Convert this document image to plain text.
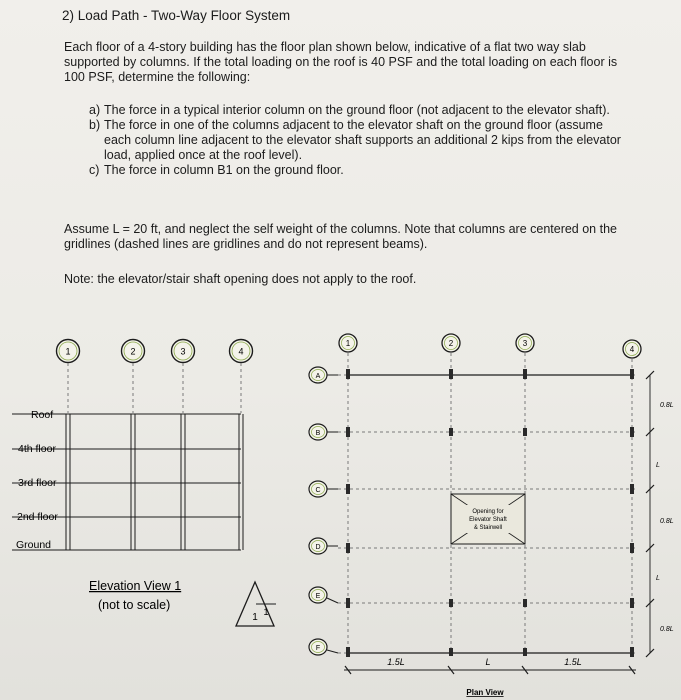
2) Load Path - Two-Way Floor System
Each floor of a 4-story building has the floor plan shown below, indicative of a flat two way slab supported by columns. If the total loading on the roof is 40 PSF and the total loading on each floor is 100 PSF, determine the following:
a) The force in a typical interior column on the ground floor (not adjacent to the elevator shaft).
b) The force in one of the columns adjacent to the elevator shaft on the ground floor (assume each column line adjacent to the elevator shaft supports an additional 2 kips from the elevator load, applied once at the roof level).
c) The force in column B1 on the ground floor.
Assume L = 20 ft, and neglect the self weight of the columns. Note that columns are centered on the gridlines (dashed lines are gridlines and do not represent beams).
Note: the elevator/stair shaft opening does not apply to the roof.
1	2	3	4
Roof
4th floor
3rd floor
2nd floor
Ground
Elevation View 1
(not to scale)
1 1
1	2	3
4
A
B
C
D
E
F
Opening for
Elevator Shaft
& Stairwell
1.5L	L	1.5L
0.8L
L
0.8L
L
0.8L
Plan View
